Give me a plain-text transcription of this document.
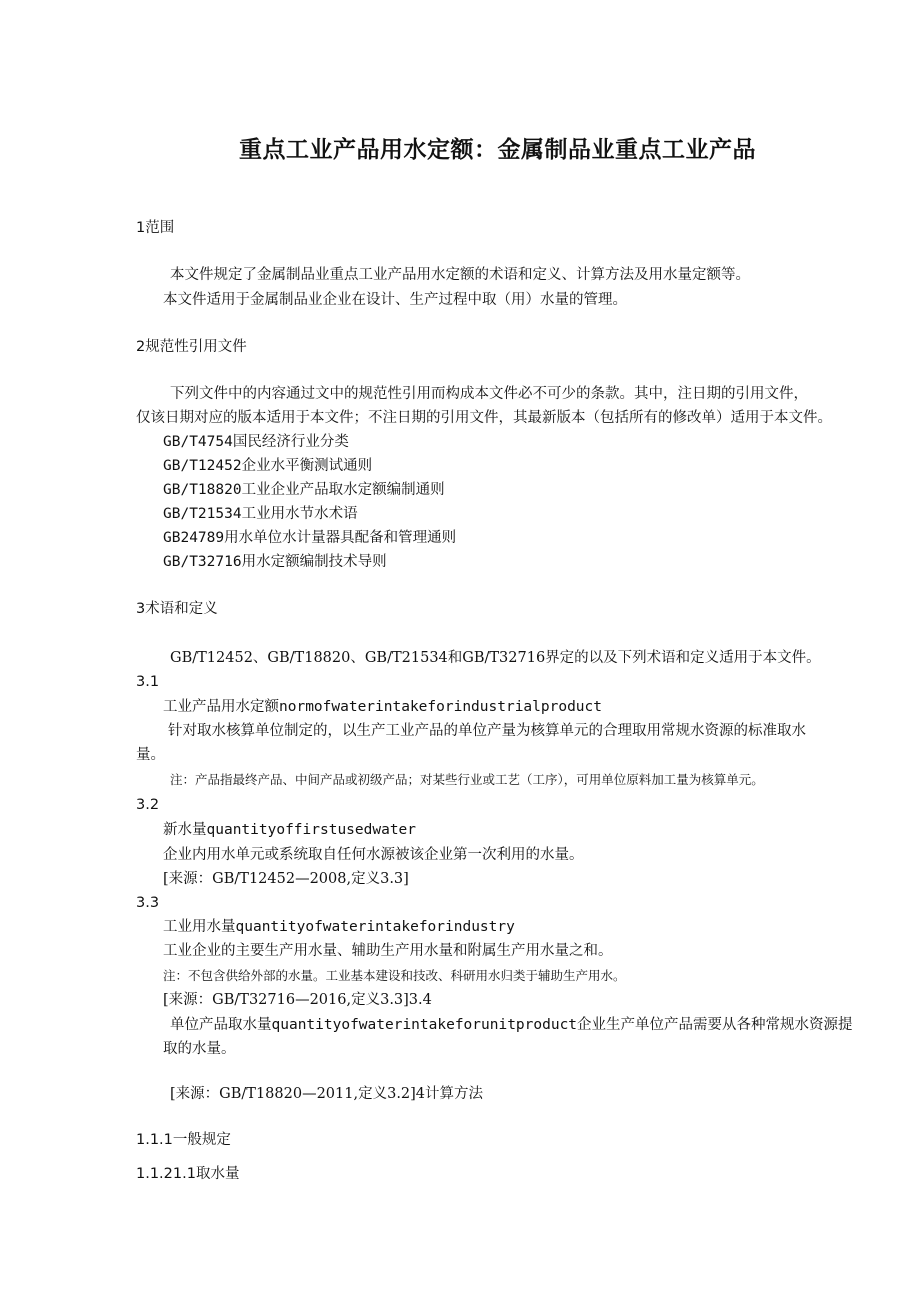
重点工业产品用水定额：金属制品业重点工业产品
1范围
本文件规定了金属制品业重点工业产品用水定额的术语和定义、计算方法及用水量定额等。
本文件适用于金属制品业企业在设计、生产过程中取（用）水量的管理。
2规范性引用文件
下列文件中的内容通过文中的规范性引用而构成本文件必不可少的条款。其中，注日期的引用文件，
仅该日期对应的版本适用于本文件；不注日期的引用文件，其最新版本（包括所有的修改单）适用于本文件。
GB/T4754国民经济行业分类
GB/T12452企业水平衡测试通则
GB/T18820工业企业产品取水定额编制通则
GB/T21534工业用水节水术语
GB24789用水单位水计量器具配备和管理通则
GB/T32716用水定额编制技术导则
3术语和定义
GB/T12452、GB/T18820、GB/T21534和GB/T32716界定的以及下列术语和定义适用于本文件。
3.1
工业产品用水定额normofwaterintakeforindustrialproduct
针对取水核算单位制定的，以生产工业产品的单位产量为核算单元的合理取用常规水资源的标准取水
量。
注：产品指最终产品、中间产品或初级产品；对某些行业或工艺（工序），可用单位原料加工量为核算单元。
3.2
新水量quantityoffirstusedwater
企业内用水单元或系统取自任何水源被该企业第一次利用的水量。
[来源：GB/T12452—2008,定义3.3]
3.3
工业用水量quantityofwaterintakeforindustry
工业企业的主要生产用水量、辅助生产用水量和附属生产用水量之和。
注：不包含供给外部的水量。工业基本建设和技改、科研用水归类于辅助生产用水。
[来源：GB/T32716—2016,定义3.3]3.4
单位产品取水量quantityofwaterintakeforunitproduct企业生产单位产品需要从各种常规水资源提
取的水量。
[来源：GB/T18820—2011,定义3.2]4计算方法
1.1.1一般规定
1.1.21.1取水量
